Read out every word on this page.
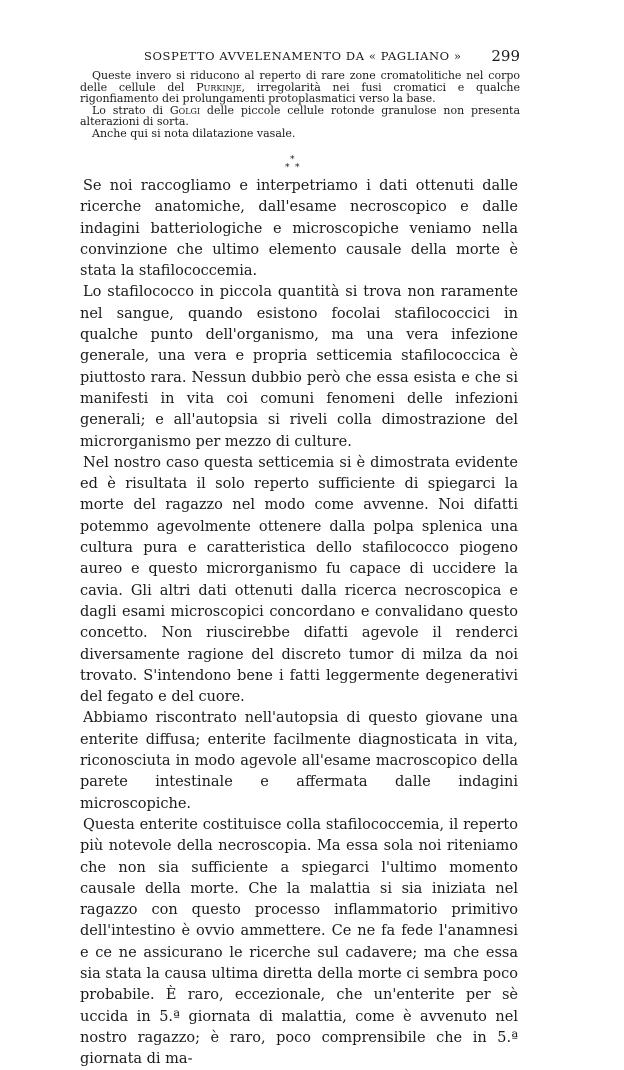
SOSPETTO AVVELENAMENTO DA « PAGLIANO » 299

Queste invero si riducono al reperto di rare zone cromatolitiche nel corpo delle cellule del Purkinje, irregolarità nei fusi cromatici e qualche rigonfiamento dei prolungamenti protoplasmatici verso la base.

Lo strato di Golgi delle piccole cellule rotonde granulose non presenta alterazioni di sorta.

Anche qui si nota dilatazione vasale.

*
* *

Se noi raccogliamo e interpetriamo i dati ottenuti dalle ricerche anatomiche, dall'esame necroscopico e dalle indagini batteriologiche e microscopiche veniamo nella convinzione che ultimo elemento causale della morte è stata la stafilococcemia.

Lo stafilococco in piccola quantità si trova non raramente nel sangue, quando esistono focolai stafilococcici in qualche punto dell'organismo, ma una vera infezione generale, una vera e propria setticemia stafilococcica è piuttosto rara. Nessun dubbio però che essa esista e che si manifesti in vita coi comuni fenomeni delle infezioni generali; e all'autopsia si riveli colla dimostrazione del microrganismo per mezzo di culture.

Nel nostro caso questa setticemia si è dimostrata evidente ed è risultata il solo reperto sufficiente di spiegarci la morte del ragazzo nel modo come avvenne. Noi difatti potemmo agevolmente ottenere dalla polpa splenica una cultura pura e caratteristica dello stafilococco piogeno aureo e questo microrganismo fu capace di uccidere la cavia. Gli altri dati ottenuti dalla ricerca necroscopica e dagli esami microscopici concordano e convalidano questo concetto. Non riuscirebbe difatti agevole il renderci diversamente ragione del discreto tumor di milza da noi trovato. S'intendono bene i fatti leggermente degenerativi del fegato e del cuore.

Abbiamo riscontrato nell'autopsia di questo giovane una enterite diffusa; enterite facilmente diagnosticata in vita, riconosciuta in modo agevole all'esame macroscopico della parete intestinale e affermata dalle indagini microscopiche.

Questa enterite costituisce colla stafilococcemia, il reperto più notevole della necroscopia. Ma essa sola noi riteniamo che non sia sufficiente a spiegarci l'ultimo momento causale della morte. Che la malattia si sia iniziata nel ragazzo con questo processo inflammatorio primitivo dell'intestino è ovvio ammettere. Ce ne fa fede l'anamnesi e ce ne assicurano le ricerche sul cadavere; ma che essa sia stata la causa ultima diretta della morte ci sembra poco probabile. È raro, eccezionale, che un'enterite per sè uccida in 5.ª giornata di malattia, come è avvenuto nel nostro ragazzo; è raro, poco comprensibile che in 5.ª giornata di ma-
